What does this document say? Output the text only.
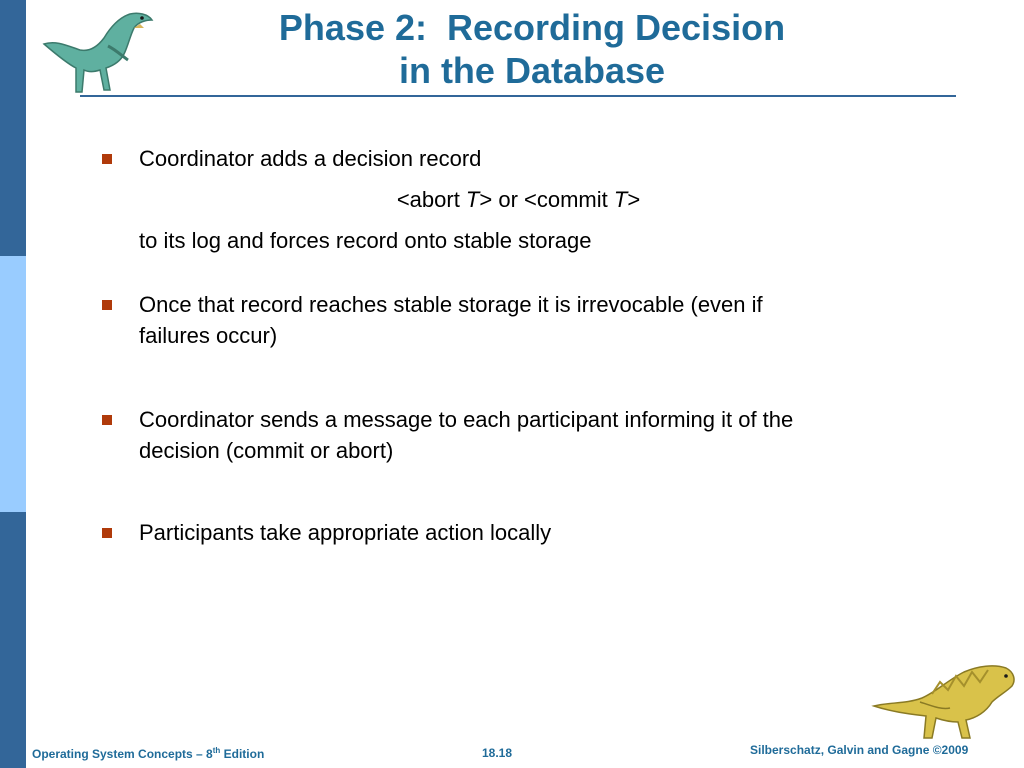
Phase 2:  Recording Decision
in the Database
Coordinator adds a decision record
<abort T> or <commit T>
to its log and forces record onto stable storage
Once that record reaches stable storage it is irrevocable (even if
failures occur)
Coordinator sends a message to each participant informing it of the
decision (commit or abort)
Participants take appropriate action locally
Operating System Concepts – 8th Edition	18.18	Silberschatz, Galvin and Gagne ©2009
